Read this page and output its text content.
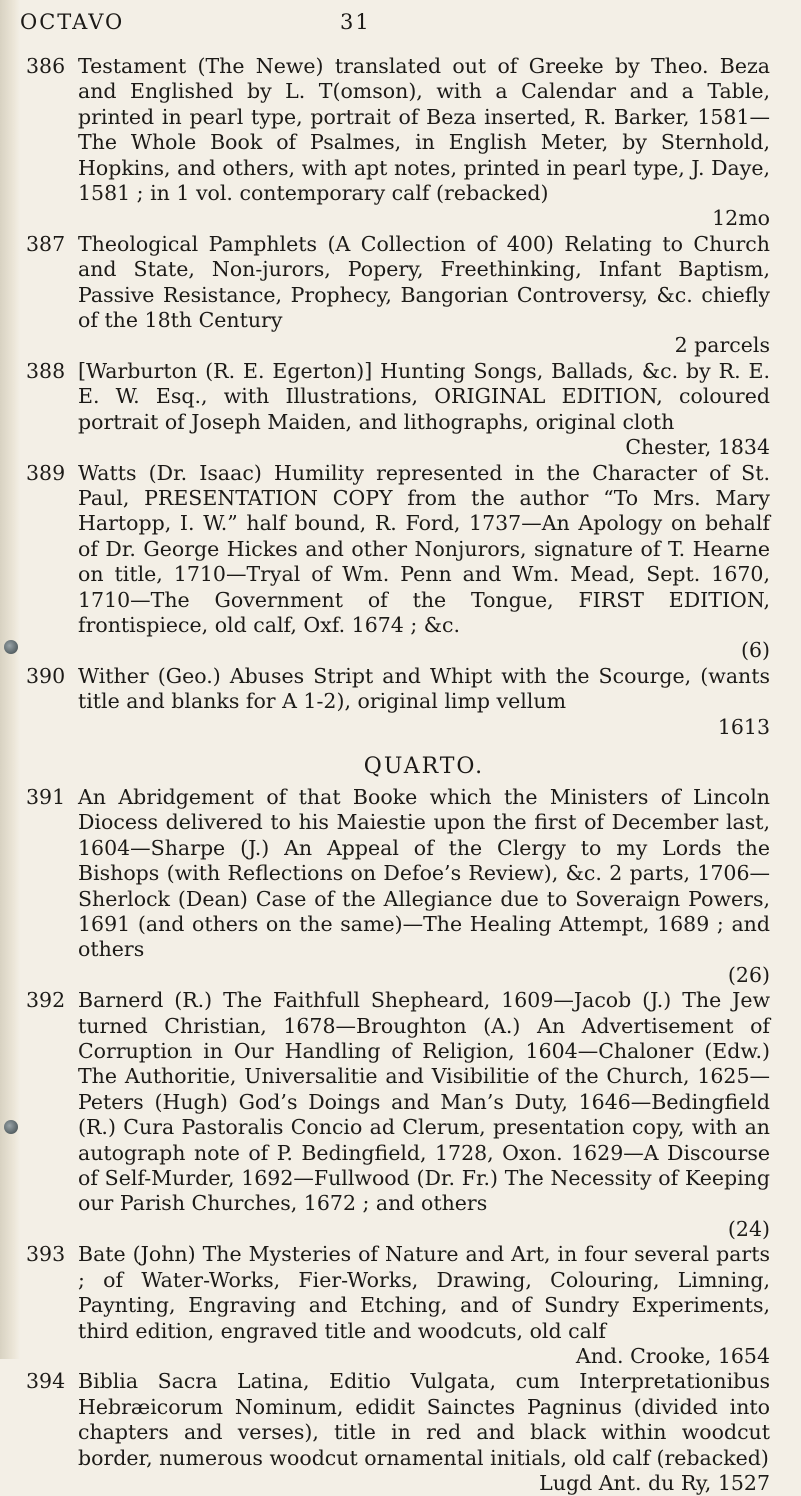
OCTAVO	31
386 Testament (The Newe) translated out of Greeke by Theo. Beza and Englished by L. T(omson), with a Calendar and a Table, printed in pearl type, portrait of Beza inserted, R. Barker, 1581—The Whole Book of Psalmes, in English Meter, by Sternhold, Hopkins, and others, with apt notes, printed in pearl type, J. Daye, 1581 ; in 1 vol. contemporary calf (rebacked)
12mo

387 Theological Pamphlets (A Collection of 400) Relating to Church and State, Non-jurors, Popery, Freethinking, Infant Baptism, Passive Resistance, Prophecy, Bangorian Controversy, &c. chiefly of the 18th Century
2 parcels

388 [Warburton (R. E. Egerton)] Hunting Songs, Ballads, &c. by R. E. E. W. Esq., with Illustrations, ORIGINAL EDITION, coloured portrait of Joseph Maiden, and lithographs, original cloth
Chester, 1834

389 Watts (Dr. Isaac) Humility represented in the Character of St. Paul, PRESENTATION COPY from the author “To Mrs. Mary Hartopp, I. W.” half bound, R. Ford, 1737—An Apology on behalf of Dr. George Hickes and other Nonjurors, signature of T. Hearne on title, 1710—Tryal of Wm. Penn and Wm. Mead, Sept. 1670, 1710—The Government of the Tongue, FIRST EDITION, frontispiece, old calf, Oxf. 1674 ; &c.
(6)

390 Wither (Geo.) Abuses Stript and Whipt with the Scourge, (wants title and blanks for A 1-2), original limp vellum
1613

QUARTO.
391 An Abridgement of that Booke which the Ministers of Lincoln Diocess delivered to his Maiestie upon the first of December last, 1604—Sharpe (J.) An Appeal of the Clergy to my Lords the Bishops (with Reflections on Defoe’s Review), &c. 2 parts, 1706—Sherlock (Dean) Case of the Allegiance due to Soveraign Powers, 1691 (and others on the same)—The Healing Attempt, 1689 ; and others
(26)

392 Barnerd (R.) The Faithfull Shepheard, 1609—Jacob (J.) The Jew turned Christian, 1678—Broughton (A.) An Advertisement of Corruption in Our Handling of Religion, 1604—Chaloner (Edw.) The Authoritie, Universalitie and Visibilitie of the Church, 1625—Peters (Hugh) God’s Doings and Man’s Duty, 1646—Bedingfield (R.) Cura Pastoralis Concio ad Clerum, presentation copy, with an autograph note of P. Bedingfield, 1728, Oxon. 1629—A Discourse of Self-Murder, 1692—Fullwood (Dr. Fr.) The Necessity of Keeping our Parish Churches, 1672 ; and others
(24)

393 Bate (John) The Mysteries of Nature and Art, in four several parts ; of Water-Works, Fier-Works, Drawing, Colouring, Limning, Paynting, Engraving and Etching, and of Sundry Experiments, third edition, engraved title and woodcuts, old calf
And. Crooke, 1654

394 Biblia Sacra Latina, Editio Vulgata, cum Interpretationibus Hebræicorum Nominum, edidit Sainctes Pagninus (divided into chapters and verses), title in red and black within woodcut border, numerous woodcut ornamental initials, old calf (rebacked)
Lugd Ant. du Ry, 1527
